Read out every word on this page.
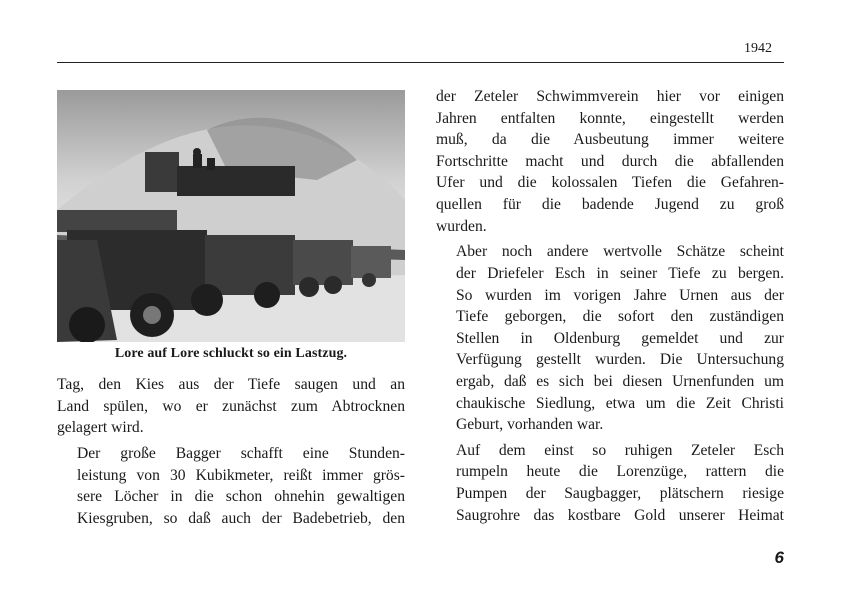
1942
Lore auf Lore schluckt so ein Lastzug.

Tag, den Kies aus der Tiefe saugen und an
Land spülen, wo er zunächst zum Abtrocknen
gelagert wird.

Der große Bagger schafft eine Stunden-
leistung von 30 Kubikmeter, reißt immer grös-
sere Löcher in die schon ohnehin gewaltigen
Kiesgruben, so daß auch der Badebetrieb, den

der Zeteler Schwimmverein hier vor einigen
Jahren entfalten konnte, eingestellt werden
muß, da die Ausbeutung immer weitere
Fortschritte macht und durch die abfallenden
Ufer und die kolossalen Tiefen die Gefahren-
quellen für die badende Jugend zu groß
wurden.

Aber noch andere wertvolle Schätze scheint
der Driefeler Esch in seiner Tiefe zu bergen.
So wurden im vorigen Jahre Urnen aus der
Tiefe geborgen, die sofort den zuständigen
Stellen in Oldenburg gemeldet und zur
Verfügung gestellt wurden. Die Untersuchung
ergab, daß es sich bei diesen Urnenfunden um
chaukische Siedlung, etwa um die Zeit Christi
Geburt, vorhanden war.

Auf dem einst so ruhigen Zeteler Esch
rumpeln heute die Lorenzüge, rattern die
Pumpen der Saugbagger, plätschern riesige
Saugrohre das kostbare Gold unserer Heimat

6
